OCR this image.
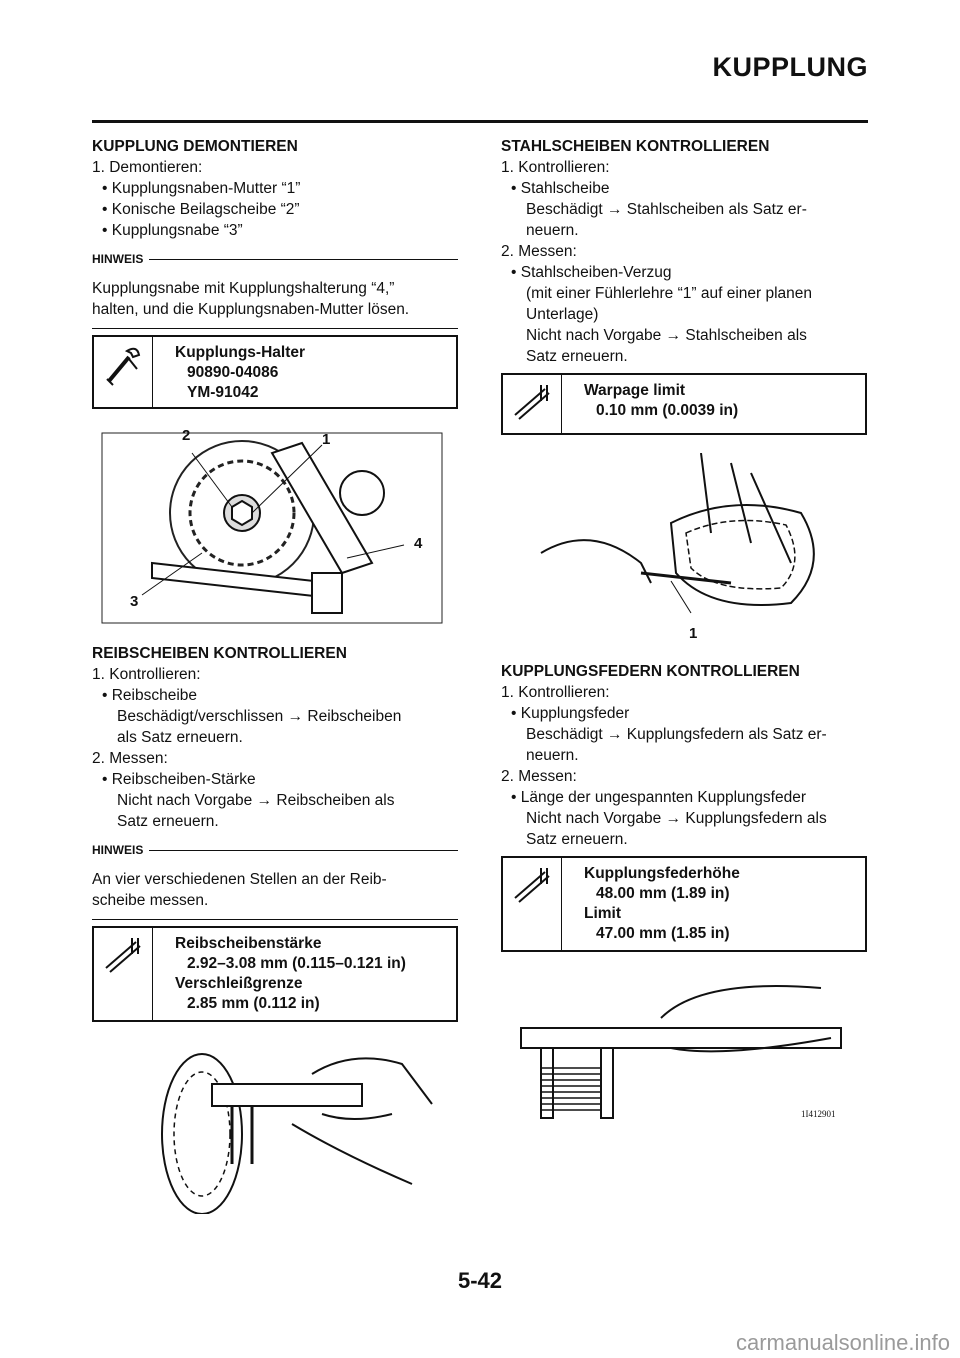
KUPPLUNG

KUPPLUNG DEMONTIEREN

1. Demontieren:

• Kupplungsnaben-Mutter “1”

• Konische Beilagscheibe “2”

• Kupplungsnabe “3”

HINWEIS

Kupplungsnabe mit Kupplungshalterung “4,”

halten, und die Kupplungsnaben-Mutter lösen.

Kupplungs-Halter
90890-04086
YM-91042
2	1
4
3

REIBSCHEIBEN KONTROLLIEREN

1. Kontrollieren:

• Reibscheibe

Beschädigt/verschlissen → Reibscheiben

als Satz erneuern.

2. Messen:

• Reibscheiben-Stärke

Nicht nach Vorgabe → Reibscheiben als

Satz erneuern.

HINWEIS

An vier verschiedenen Stellen an der Reib-

scheibe messen.

Reibscheibenstärke
2.92–3.08 mm (0.115–0.121 in)
Verschleißgrenze
2.85 mm (0.112 in)

STAHLSCHEIBEN KONTROLLIEREN

1. Kontrollieren:

• Stahlscheibe

Beschädigt → Stahlscheiben als Satz er-

neuern.

2. Messen:

• Stahlscheiben-Verzug

(mit einer Fühlerlehre “1” auf einer planen

Unterlage)

Nicht nach Vorgabe → Stahlscheiben als

Satz erneuern.

Warpage limit
0.10 mm (0.0039 in)
1

KUPPLUNGSFEDERN KONTROLLIEREN

1. Kontrollieren:

• Kupplungsfeder

Beschädigt → Kupplungsfedern als Satz er-

neuern.

2. Messen:

• Länge der ungespannten Kupplungsfeder

Nicht nach Vorgabe → Kupplungsfedern als

Satz erneuern.

Kupplungsfederhöhe
48.00 mm (1.89 in)
Limit
47.00 mm (1.85 in)
1I412901
5-42
carmanualsonline.info
